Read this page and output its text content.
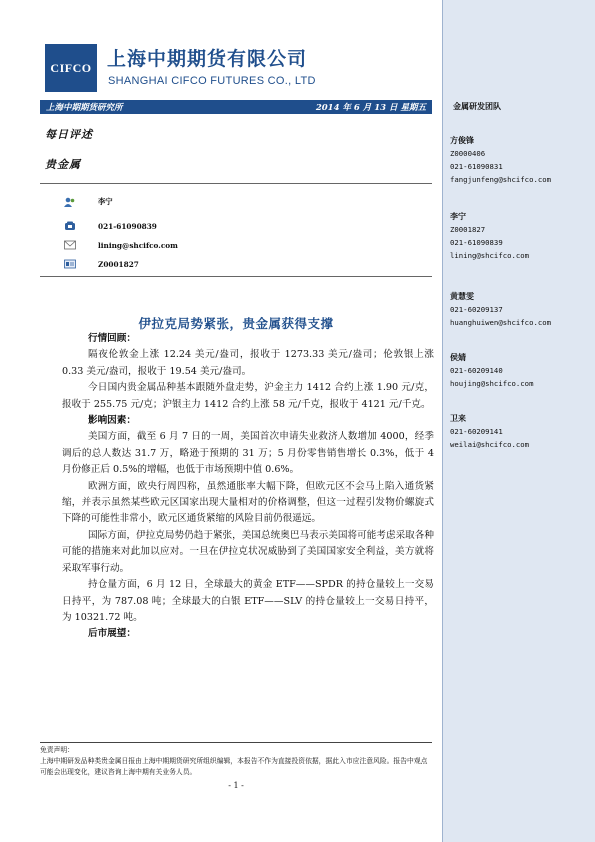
CIFCO 上海中期期货有限公司
SHANGHAI CIFCO FUTURES CO., LTD
上海中期期货研究所	2014 年 6 月 13 日 星期五
每日评述
贵金属
李宁
021-61090839
lining@shcifco.com
Z0001827
伊拉克局势紧张，贵金属获得支撑
行情回顾：

隔夜伦敦金上涨 12.24 美元/盎司，报收于 1273.33 美元/盎司；伦敦银上涨 0.33 美元/盎司，报收于 19.54 美元/盎司。

今日国内贵金属品种基本跟随外盘走势，沪金主力 1412 合约上涨 1.90 元/克，报收于 255.75 元/克；沪银主力 1412 合约上涨 58 元/千克，报收于 4121 元/千克。

影响因素：

美国方面，截至 6 月 7 日的一周，美国首次申请失业救济人数增加 4000，经季调后的总人数达 31.7 万，略逊于预期的 31 万；5 月份零售销售增长 0.3%，低于 4 月份修正后 0.5%的增幅，也低于市场预期中值 0.6%。

欧洲方面，欧央行周四称，虽然通胀率大幅下降，但欧元区不会马上陷入通货紧缩，并表示虽然某些欧元区国家出现大量相对的价格调整，但这一过程引发物价螺旋式下降的可能性非常小，欧元区通货紧缩的风险目前仍很遥远。

国际方面，伊拉克局势仍趋于紧张，美国总统奥巴马表示美国将可能考虑采取各种可能的措施来对此加以应对。一旦在伊拉克状况威胁到了美国国家安全利益，美方就将采取军事行动。

持仓量方面，6 月 12 日，全球最大的黄金 ETF——SPDR 的持仓量较上一交易日持平，为 787.08 吨；全球最大的白银 ETF——SLV 的持仓量较上一交易日持平，为 10321.72 吨。

后市展望：
免责声明：
上海中期研发品种类贵金属日报由上海中期期货研究所组织编辑，本报告不作为直接投资依据，据此入市应注意风险。报告中观点可能会出现变化，建议咨询上海中期有关业务人员。
- 1 -
金属研发团队
方俊锋
Z0000406
021-61090831
fangjunfeng@shcifco.com
李宁
Z0001827
021-61090839
lining@shcifco.com
黄慧雯
021-60209137
huanghuiwen@shcifco.com
侯婧
021-60209140
houjing@shcifco.com
卫来
021-60209141
weilai@shcifco.com
